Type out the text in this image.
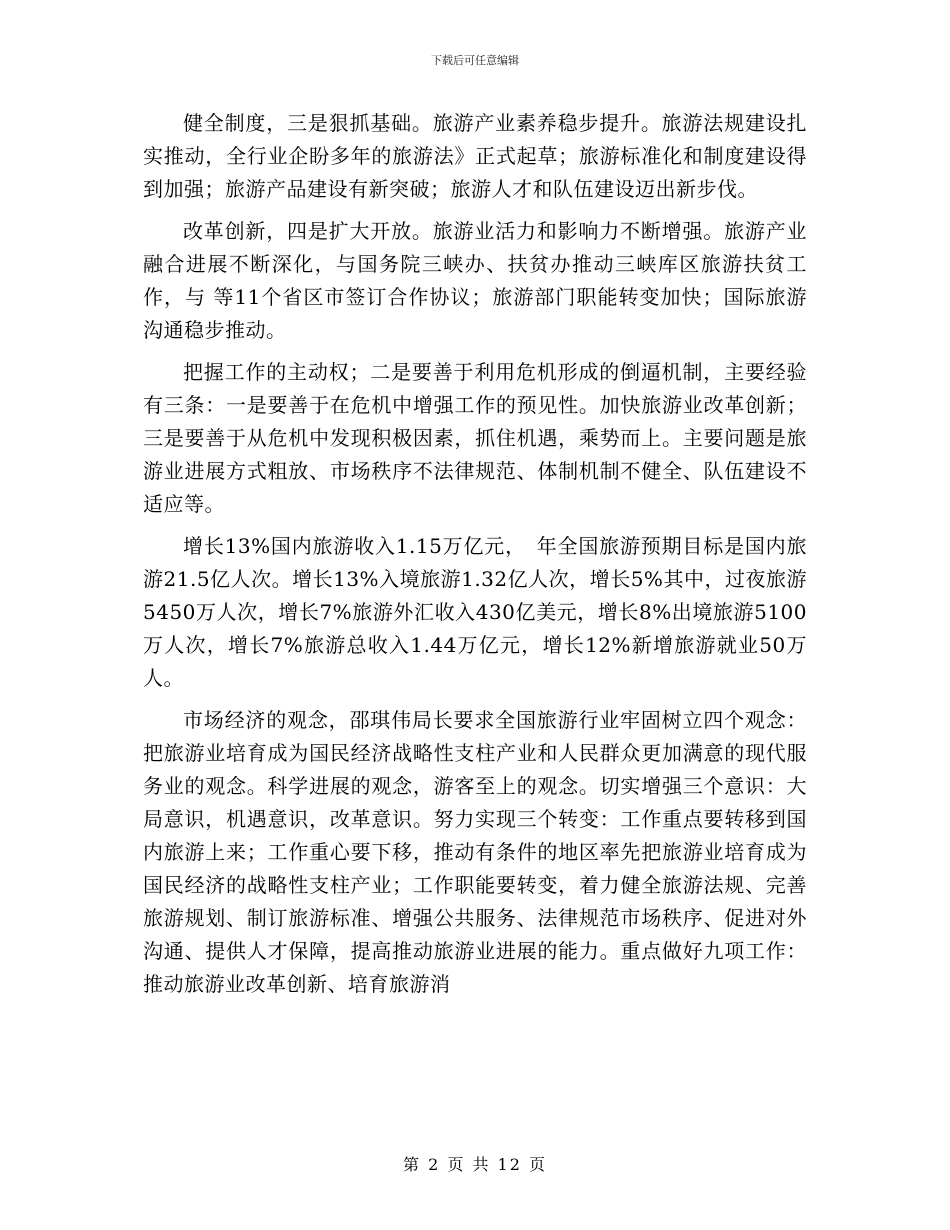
下载后可任意编辑

健全制度，三是狠抓基础。旅游产业素养稳步提升。旅游法规建设扎实推动，全行业企盼多年的旅游法》正式起草；旅游标准化和制度建设得到加强；旅游产品建设有新突破；旅游人才和队伍建设迈出新步伐。

改革创新，四是扩大开放。旅游业活力和影响力不断增强。旅游产业融合进展不断深化，与国务院三峡办、扶贫办推动三峡库区旅游扶贫工作，与 等11个省区市签订合作协议；旅游部门职能转变加快；国际旅游沟通稳步推动。

把握工作的主动权；二是要善于利用危机形成的倒逼机制，主要经验有三条：一是要善于在危机中增强工作的预见性。加快旅游业改革创新；三是要善于从危机中发现积极因素，抓住机遇，乘势而上。主要问题是旅游业进展方式粗放、市场秩序不法律规范、体制机制不健全、队伍建设不适应等。

增长13%国内旅游收入1.15万亿元，　年全国旅游预期目标是国内旅游21.5亿人次。增长13%入境旅游1.32亿人次，增长5%其中，过夜旅游5450万人次，增长7%旅游外汇收入430亿美元，增长8%出境旅游5100万人次，增长7%旅游总收入1.44万亿元，增长12%新增旅游就业50万人。

市场经济的观念，邵琪伟局长要求全国旅游行业牢固树立四个观念：把旅游业培育成为国民经济战略性支柱产业和人民群众更加满意的现代服务业的观念。科学进展的观念，游客至上的观念。切实增强三个意识：大局意识，机遇意识，改革意识。努力实现三个转变：工作重点要转移到国内旅游上来；工作重心要下移，推动有条件的地区率先把旅游业培育成为国民经济的战略性支柱产业；工作职能要转变，着力健全旅游法规、完善旅游规划、制订旅游标准、增强公共服务、法律规范市场秩序、促进对外沟通、提供人才保障，提高推动旅游业进展的能力。重点做好九项工作：推动旅游业改革创新、培育旅游消

第 2 页 共 12 页
